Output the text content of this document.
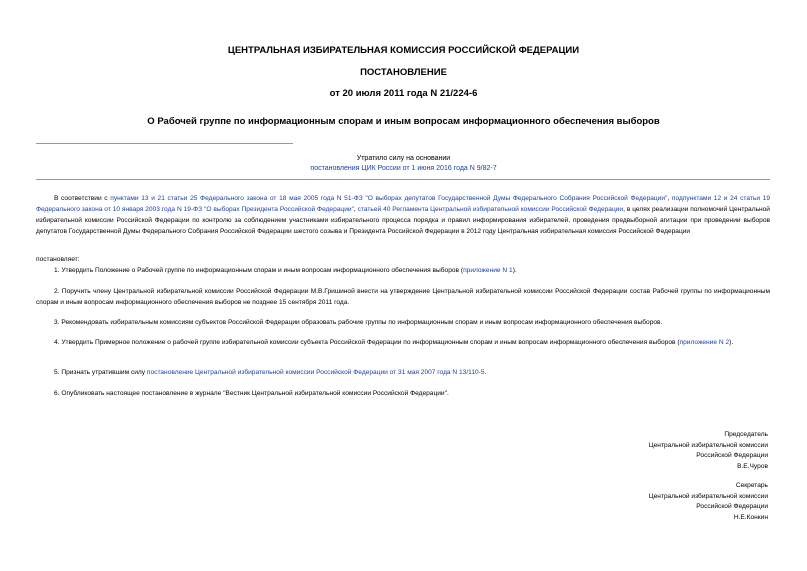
ЦЕНТРАЛЬНАЯ ИЗБИРАТЕЛЬНАЯ КОМИССИЯ РОССИЙСКОЙ ФЕДЕРАЦИИ
ПОСТАНОВЛЕНИЕ
от 20 июля 2011 года N 21/224-6
О Рабочей группе по информационным спорам и иным вопросам информационного обеспечения выборов
Утратило силу на основании
постановления ЦИК России от 1 июня 2016 года N 9/82-7
В соответствии с пунктами 13 и 21 статьи 25 Федерального закона от 18 мая 2005 года N 51-ФЗ "О выборах депутатов Государственной Думы Федерального Собрания Российской Федерации", подпунктами 12 и 24 статьи 19 Федерального закона от 10 января 2003 года N 19-ФЗ "О выборах Президента Российской Федерации", статьей 40 Регламента Центральной избирательной комиссии Российской Федерации, в целях реализации полномочий Центральной избирательной комиссии Российской Федерации по контролю за соблюдением участниками избирательного процесса порядка и правил информирования избирателей, проведения предвыборной агитации при проведении выборов депутатов Государственной Думы Федерального Собрания Российской Федерации шестого созыва и Президента Российской Федерации в 2012 году Центральная избирательная комиссия Российской Федерации
постановляет:
1. Утвердить Положение о Рабочей группе по информационным спорам и иным вопросам информационного обеспечения выборов (приложение N 1).
2. Поручить члену Центральной избирательной комиссии Российской Федерации М.В.Гришиной внести на утверждение Центральной избирательной комиссии Российской Федерации состав Рабочей группы по информационным спорам и иным вопросам информационного обеспечения выборов не позднее 15 сентября 2011 года.
3. Рекомендовать избирательным комиссиям субъектов Российской Федерации образовать рабочие группы по информационным спорам и иным вопросам информационного обеспечения выборов.
4. Утвердить Примерное положение о рабочей группе избирательной комиссии субъекта Российской Федерации по информационным спорам и иным вопросам информационного обеспечения выборов (приложение N 2).
5. Признать утратившим силу постановление Центральной избирательной комиссии Российской Федерации от 31 мая 2007 года N 13/110-5.
6. Опубликовать настоящее постановление в журнале "Вестник Центральной избирательной комиссии Российской Федерации".
Председатель
Центральной избирательной комиссии
Российской Федерации
В.Е.Чуров
Секретарь
Центральной избирательной комиссии
Российской Федерации
Н.Е.Конкин
